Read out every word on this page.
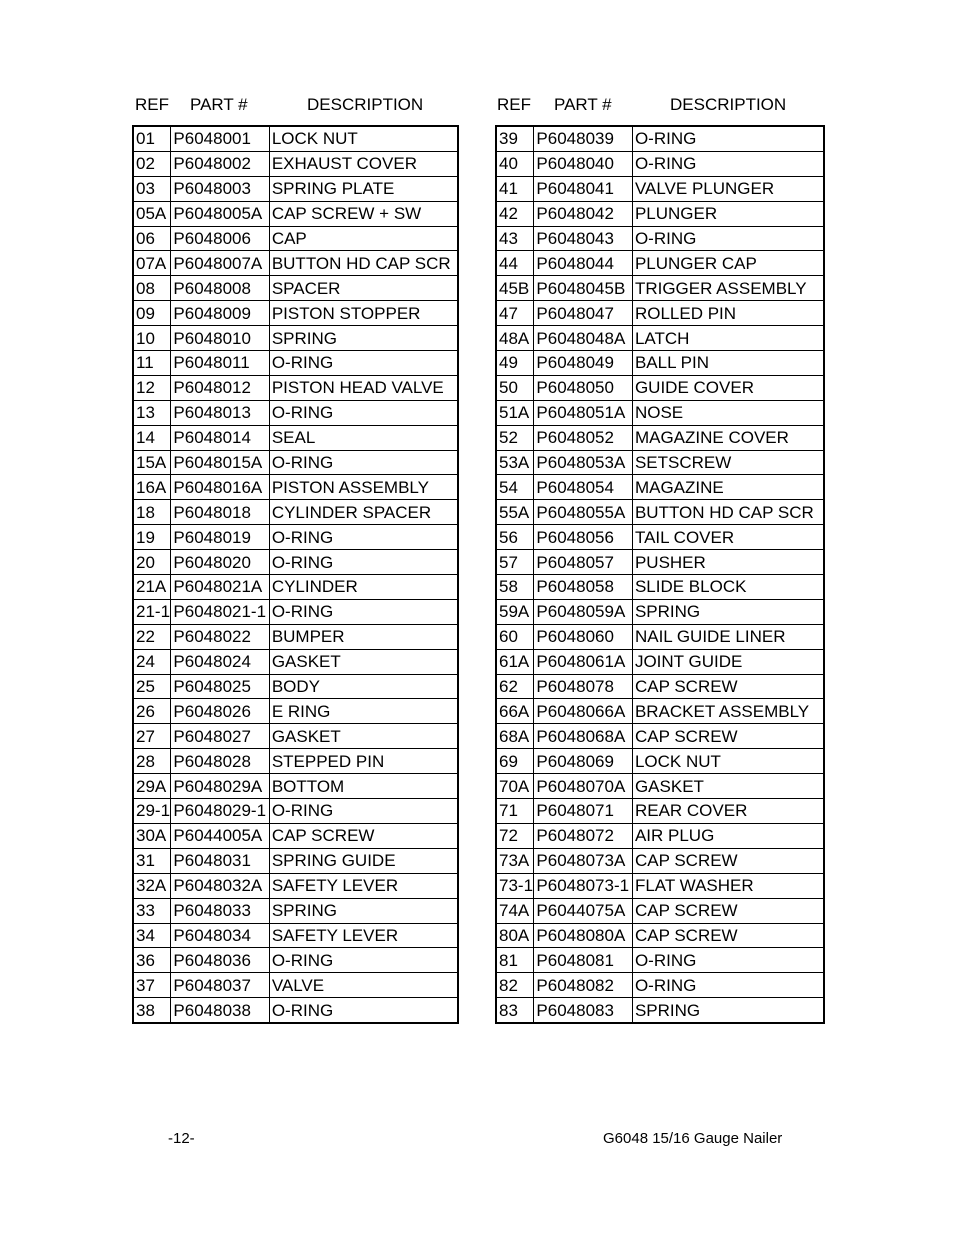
REF PART #	DESCRIPTION
01	P6048001	LOCK NUT
02	P6048002	EXHAUST COVER
03	P6048003	SPRING PLATE
05A	P6048005A	CAP SCREW + SW
06	P6048006	CAP
07A	P6048007A	BUTTON HD CAP SCR
08	P6048008	SPACER
09	P6048009	PISTON STOPPER
10	P6048010	SPRING
11	P6048011	O-RING
12	P6048012	PISTON HEAD VALVE
13	P6048013	O-RING
14	P6048014	SEAL
15A	P6048015A	O-RING
16A	P6048016A	PISTON ASSEMBLY
18	P6048018	CYLINDER SPACER
19	P6048019	O-RING
20	P6048020	O-RING
21A	P6048021A	CYLINDER
21-1	P6048021-1	O-RING
22	P6048022	BUMPER
24	P6048024	GASKET
25	P6048025	BODY
26	P6048026	E RING
27	P6048027	GASKET
28	P6048028	STEPPED PIN
29A	P6048029A	BOTTOM
29-1	P6048029-1	O-RING
30A	P6044005A	CAP SCREW
31	P6048031	SPRING GUIDE
32A	P6048032A	SAFETY LEVER
33	P6048033	SPRING
34	P6048034	SAFETY LEVER
36	P6048036	O-RING
37	P6048037	VALVE
38	P6048038	O-RING
REF PART #	DESCRIPTION
39	P6048039	O-RING
40	P6048040	O-RING
41	P6048041	VALVE PLUNGER
42	P6048042	PLUNGER
43	P6048043	O-RING
44	P6048044	PLUNGER CAP
45B	P6048045B	TRIGGER ASSEMBLY
47	P6048047	ROLLED PIN
48A	P6048048A	LATCH
49	P6048049	BALL PIN
50	P6048050	GUIDE COVER
51A	P6048051A	NOSE
52	P6048052	MAGAZINE COVER
53A	P6048053A	SETSCREW
54	P6048054	MAGAZINE
55A	P6048055A	BUTTON HD CAP SCR
56	P6048056	TAIL COVER
57	P6048057	PUSHER
58	P6048058	SLIDE BLOCK
59A	P6048059A	SPRING
60	P6048060	NAIL GUIDE LINER
61A	P6048061A	JOINT GUIDE
62	P6048078	CAP SCREW
66A	P6048066A	BRACKET ASSEMBLY
68A	P6048068A	CAP SCREW
69	P6048069	LOCK NUT
70A	P6048070A	GASKET
71	P6048071	REAR COVER
72	P6048072	AIR PLUG
73A	P6048073A	CAP SCREW
73-1	P6048073-1	FLAT WASHER
74A	P6044075A	CAP SCREW
80A	P6048080A	CAP SCREW
81	P6048081	O-RING
82	P6048082	O-RING
83	P6048083	SPRING
-12-	G6048 15/16 Gauge Nailer
